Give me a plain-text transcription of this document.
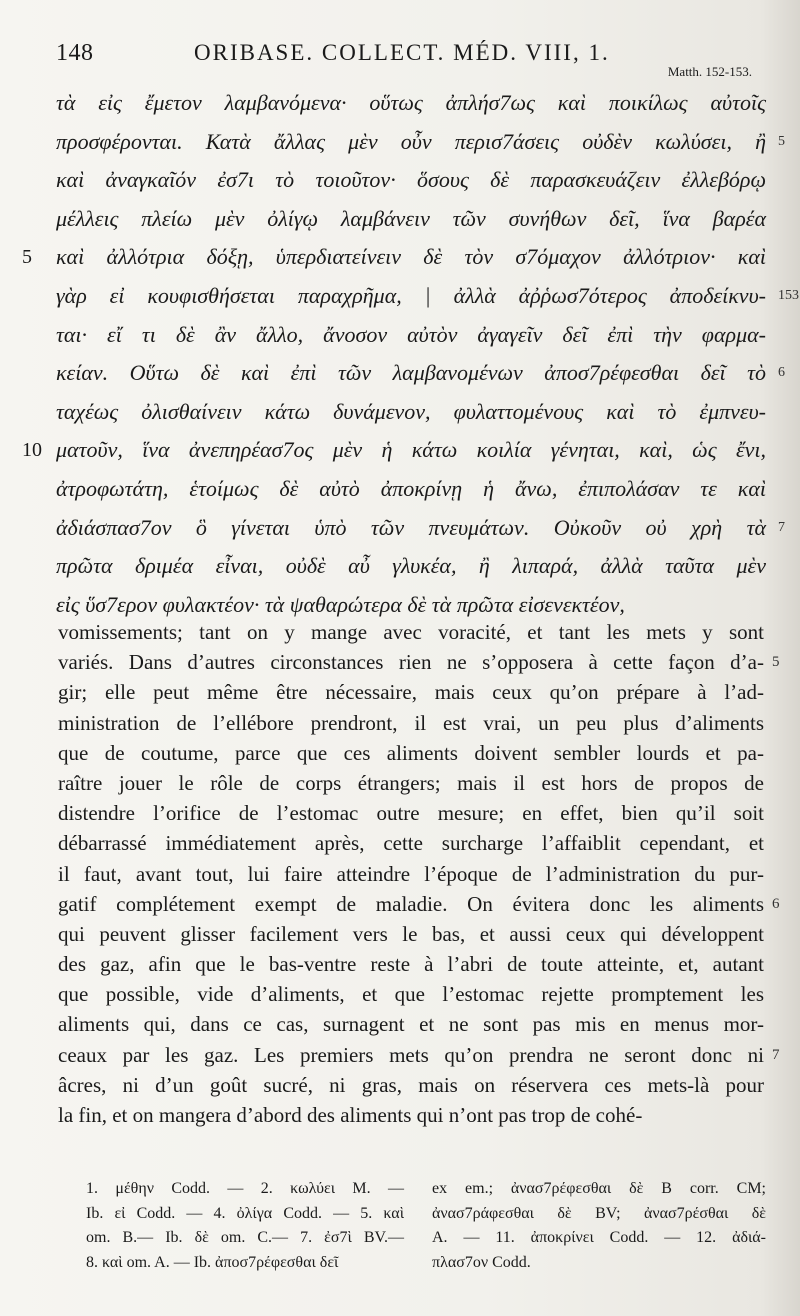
148	ORIBASE. COLLECT. MÉD. VIII, 1.
Matth. 152-153.
τὰ εἰς ἔμετον λαμβανόμενα· οὕτως ἀπλήσ7ως καὶ ποικίλως αὐτοῖς
προσφέρονται. Κατὰ ἄλλας μὲν οὖν περισ7άσεις οὐδὲν κωλύσει, ἢ 5
καὶ ἀναγκαῖόν ἐσ7ι τὸ τοιοῦτον· ὅσους δὲ παρασκευάζειν ἐλλεβόρῳ
μέλλεις πλείω μὲν ὀλίγῳ λαμβάνειν τῶν συνήθων δεῖ, ἵνα βαρέα
καὶ ἀλλότρια δόξῃ, ὑπερδιατείνειν δὲ τὸν σ7όμαχον ἀλλότριον· καὶ
5
γὰρ εἰ κουφισθήσεται παραχρῆμα, | ἀλλὰ ἀῤῥωσ7ότερος ἀποδείκνυ- 153
ται· εἴ τι δὲ ἂν ἄλλο, ἄνοσον αὐτὸν ἀγαγεῖν δεῖ ἐπὶ τὴν φαρμα-
κείαν. Οὕτω δὲ καὶ ἐπὶ τῶν λαμβανομένων ἀποσ7ρέφεσθαι δεῖ τὸ 6
ταχέως ὀλισθαίνειν κάτω δυνάμενον, φυλαττομένους καὶ τὸ ἐμπνευ-
ματοῦν, ἵνα ἀνεπηρέασ7ος μὲν ἡ κάτω κοιλία γένηται, καὶ, ὡς ἔνι,
10
ἀτροφωτάτη, ἑτοίμως δὲ αὐτὸ ἀποκρίνῃ ἡ ἄνω, ἐπιπολάσαν τε καὶ
ἀδιάσπασ7ον ὃ γίνεται ὑπὸ τῶν πνευμάτων. Οὐκοῦν οὐ χρὴ τὰ 7
πρῶτα δριμέα εἶναι, οὐδὲ αὖ γλυκέα, ἢ λιπαρά, ἀλλὰ ταῦτα μὲν
εἰς ὕσ7ερον φυλακτέον· τὰ ψαθαρώτερα δὲ τὰ πρῶτα εἰσενεκτέον,
vomissements; tant on y mange avec voracité, et tant les mets y sont
variés. Dans d’autres circonstances rien ne s’opposera à cette façon d’a- 5
gir; elle peut même être nécessaire, mais ceux qu’on prépare à l’ad-
ministration de l’ellébore prendront, il est vrai, un peu plus d’aliments
que de coutume, parce que ces aliments doivent sembler lourds et pa-
raître jouer le rôle de corps étrangers; mais il est hors de propos de
distendre l’orifice de l’estomac outre mesure; en effet, bien qu’il soit
débarrassé immédiatement après, cette surcharge l’affaiblit cependant, et
il faut, avant tout, lui faire atteindre l’époque de l’administration du pur-
gatif complétement exempt de maladie. On évitera donc les aliments 6
qui peuvent glisser facilement vers le bas, et aussi ceux qui développent
des gaz, afin que le bas-ventre reste à l’abri de toute atteinte, et, autant
que possible, vide d’aliments, et que l’estomac rejette promptement les
aliments qui, dans ce cas, surnagent et ne sont pas mis en menus mor-
ceaux par les gaz. Les premiers mets qu’on prendra ne seront donc ni 7
âcres, ni d’un goût sucré, ni gras, mais on réservera ces mets-là pour
la fin, et on mangera d’abord des aliments qui n’ont pas trop de cohé-
1. μέθην Codd. — 2. κωλύει M. —
Ib. εἰ Codd. — 4. ὀλίγα Codd. — 5. καὶ
om. B.— Ib. δὲ om. C.— 7. ἐσ7ὶ BV.—
8. καὶ om. A. — Ib. ἀποσ7ρέφεσθαι δεῖ
ex em.; ἀνασ7ρέφεσθαι δὲ B corr. CM;
ἀνασ7ράφεσθαι δὲ BV; ἀνασ7ρέσθαι δὲ
A. — 11. ἀποκρίνει Codd. — 12. ἀδιά-
πλασ7ον Codd.
